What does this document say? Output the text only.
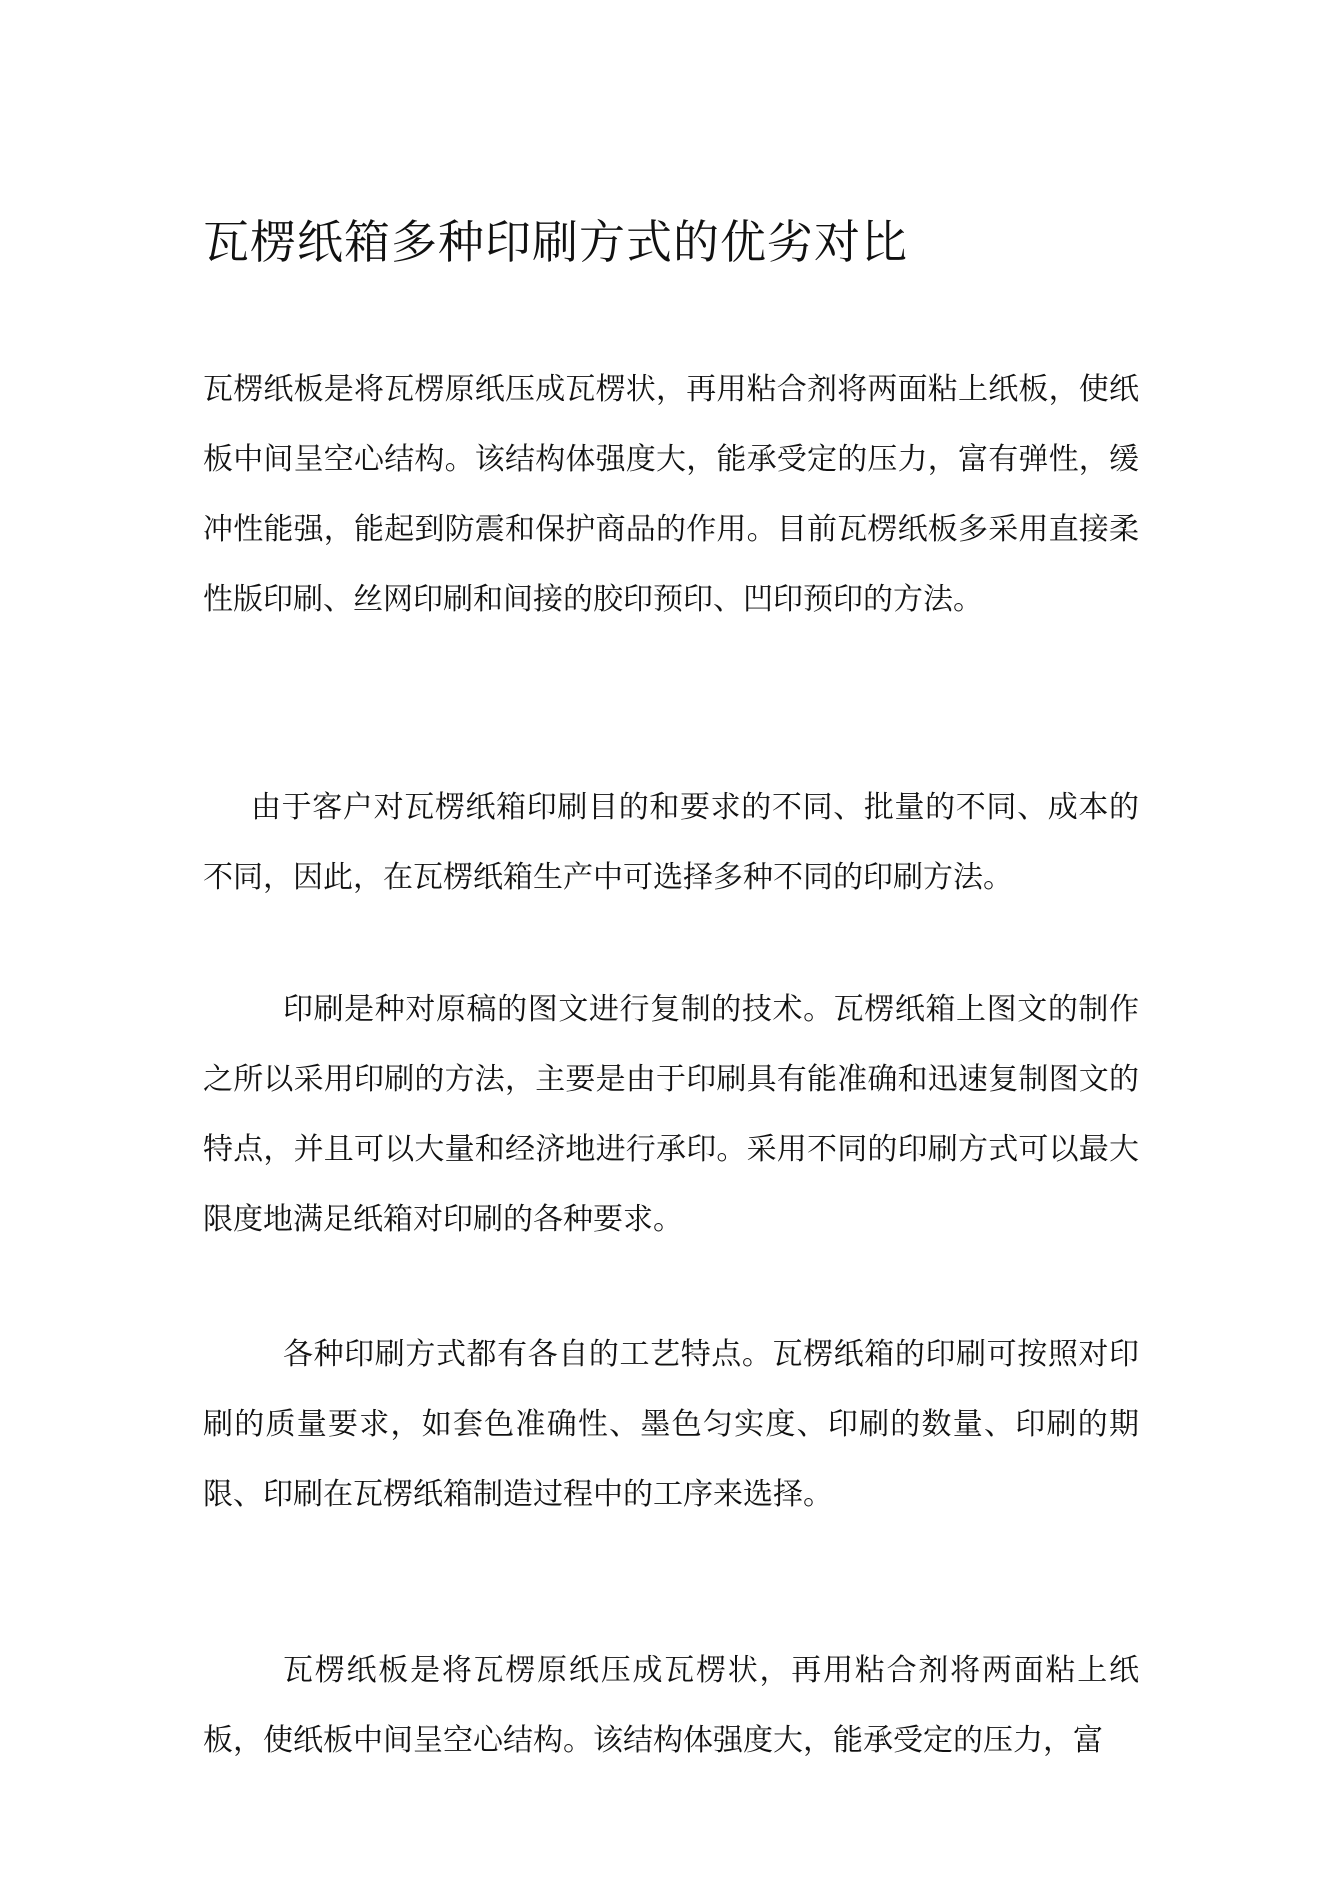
瓦楞纸箱多种印刷方式的优劣对比

瓦楞纸板是将瓦楞原纸压成瓦楞状，再用粘合剂将两面粘上纸板，使纸板中间呈空心结构。该结构体强度大，能承受定的压力，富有弹性，缓冲性能强，能起到防震和保护商品的作用。目前瓦楞纸板多采用直接柔性版印刷、丝网印刷和间接的胶印预印、凹印预印的方法。

由于客户对瓦楞纸箱印刷目的和要求的不同、批量的不同、成本的不同，因此，在瓦楞纸箱生产中可选择多种不同的印刷方法。

印刷是种对原稿的图文进行复制的技术。瓦楞纸箱上图文的制作之所以采用印刷的方法，主要是由于印刷具有能准确和迅速复制图文的特点，并且可以大量和经济地进行承印。采用不同的印刷方式可以最大限度地满足纸箱对印刷的各种要求。

各种印刷方式都有各自的工艺特点。瓦楞纸箱的印刷可按照对印刷的质量要求，如套色准确性、墨色匀实度、印刷的数量、印刷的期限、印刷在瓦楞纸箱制造过程中的工序来选择。

瓦楞纸板是将瓦楞原纸压成瓦楞状，再用粘合剂将两面粘上纸板，使纸板中间呈空心结构。该结构体强度大，能承受定的压力，富
